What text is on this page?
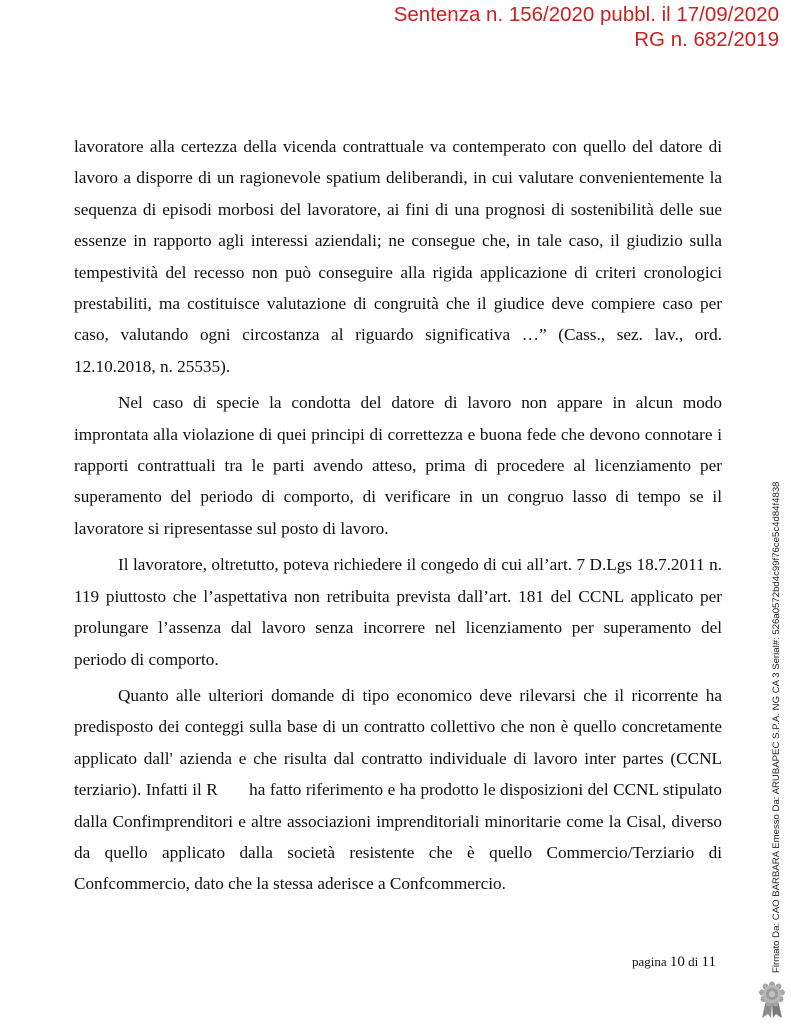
Sentenza n. 156/2020 pubbl. il 17/09/2020
RG n. 682/2019

lavoratore alla certezza della vicenda contrattuale va contemperato con quello del datore di lavoro a disporre di un ragionevole spatium deliberandi, in cui valutare convenientemente la sequenza di episodi morbosi del lavoratore, ai fini di una prognosi di sostenibilità delle sue essenze in rapporto agli interessi aziendali; ne consegue che, in tale caso, il giudizio sulla tempestività del recesso non può conseguire alla rigida applicazione di criteri cronologici prestabiliti, ma costituisce valutazione di congruità che il giudice deve compiere caso per caso, valutando ogni circostanza al riguardo significativa …” (Cass., sez. lav., ord. 12.10.2018, n. 25535).

Nel caso di specie la condotta del datore di lavoro non appare in alcun modo improntata alla violazione di quei principi di correttezza e buona fede che devono connotare i rapporti contrattuali tra le parti avendo atteso, prima di procedere al licenziamento per superamento del periodo di comporto, di verificare in un congruo lasso di tempo se il lavoratore si ripresentasse sul posto di lavoro.

Il lavoratore, oltretutto, poteva richiedere il congedo di cui all’art. 7 D.Lgs 18.7.2011 n. 119 piuttosto che l’aspettativa non retribuita prevista dall’art. 181 del CCNL applicato per prolungare l’assenza dal lavoro senza incorrere nel licenziamento per superamento del periodo di comporto.

Quanto alle ulteriori domande di tipo economico deve rilevarsi che il ricorrente ha predisposto dei conteggi sulla base di un contratto collettivo che non è quello concretamente applicato dall' azienda e che risulta dal contratto individuale di lavoro inter partes (CCNL terziario). Infatti il R       ha fatto riferimento e ha prodotto le disposizioni del CCNL stipulato dalla Confimprenditori e altre associazioni imprenditoriali minoritarie come la Cisal, diverso da quello applicato dalla società resistente che è quello Commercio/Terziario di Confcommercio, dato che la stessa aderisce a Confcommercio.

pagina 10 di 11	Firmato Da: CAO BARBARA Emesso Da: ARUBAPEC S.P.A. NG CA 3 Serial#: 526a0572bd4c99f76ce5c4d84f4838
